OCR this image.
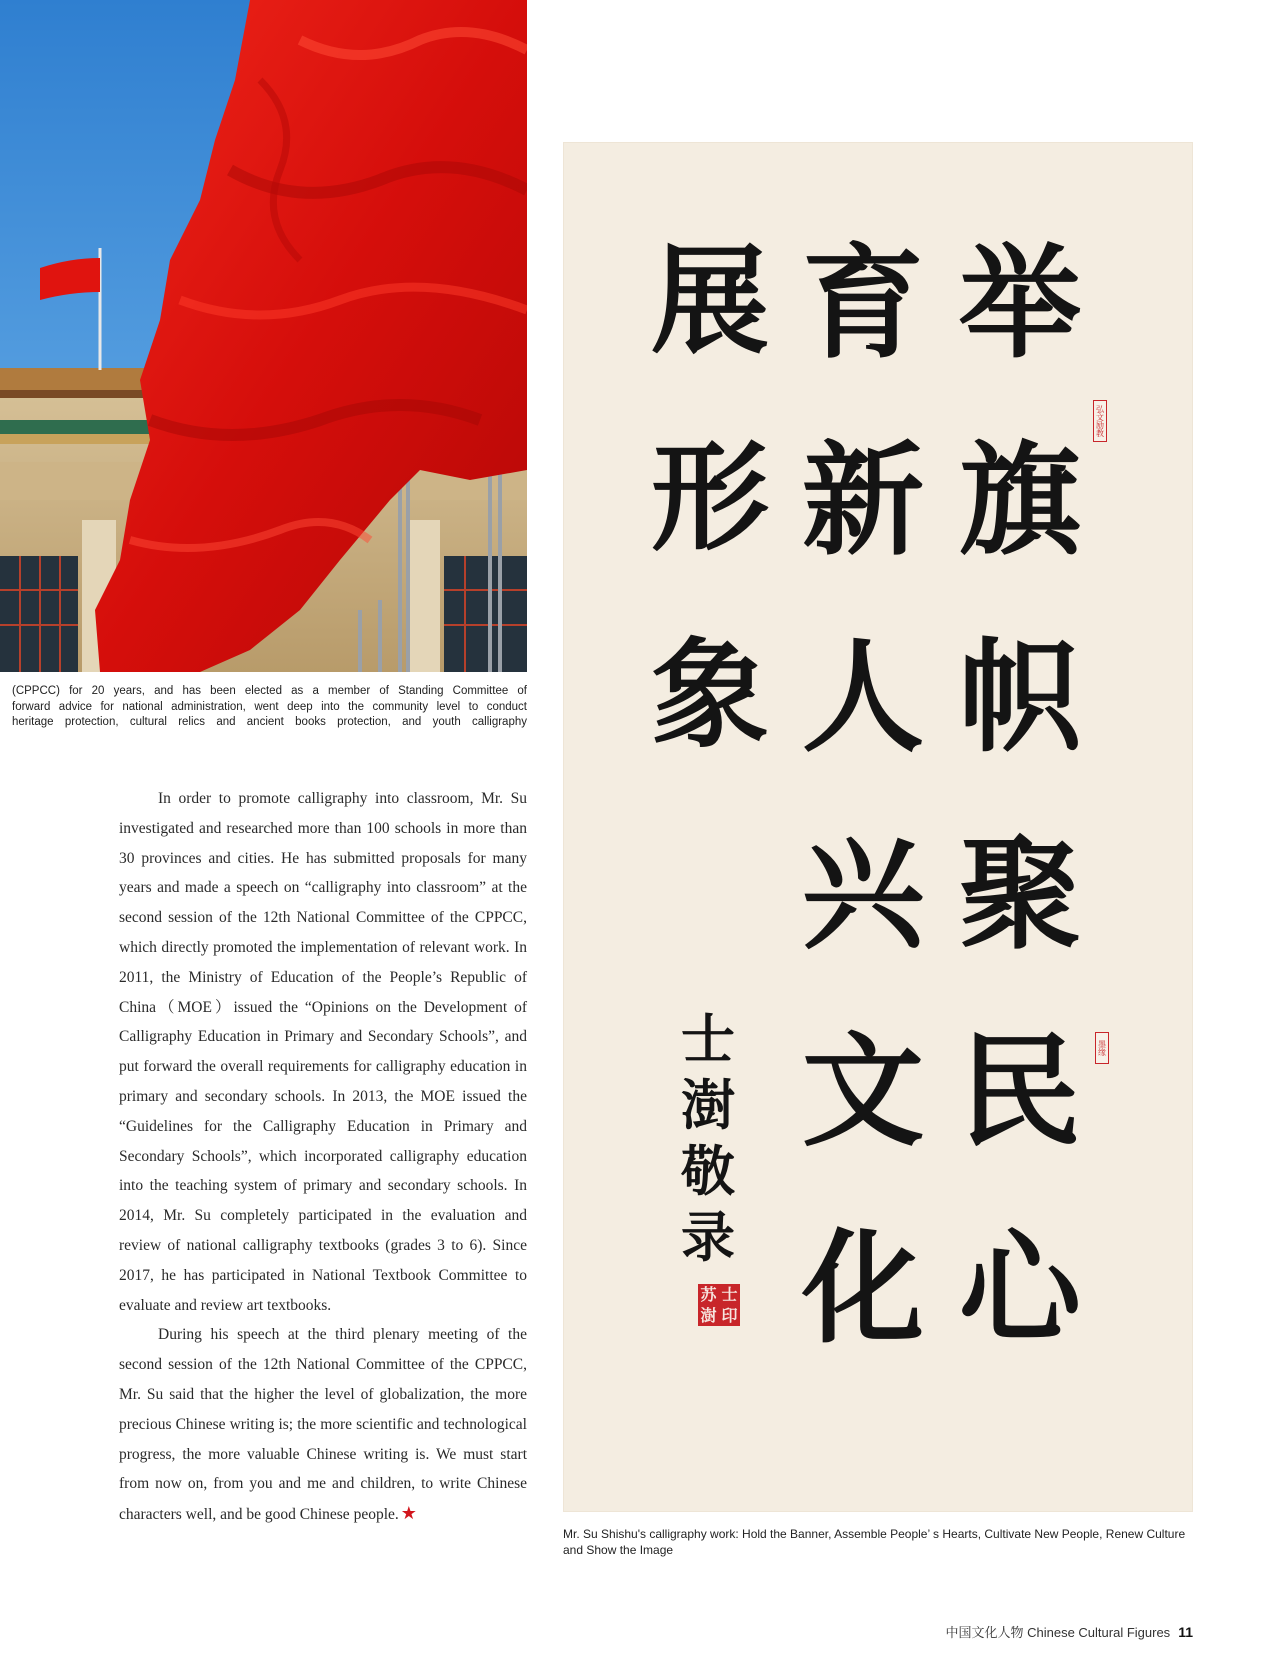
(CPPCC) for 20 years, and has been elected as a member of Standing Committee of
forward advice for national administration, went deep into the community level to conduct
heritage protection, cultural relics and ancient books protection, and youth calligraphy

In order to promote calligraphy into classroom, Mr. Su investigated and researched more than 100 schools in more than 30 provinces and cities. He has submitted proposals for many years and made a speech on “calligraphy into classroom” at the second session of the 12th National Committee of the CPPCC, which directly promoted the implementation of relevant work. In 2011, the Ministry of Education of the People’s Republic of China（MOE）issued the “Opinions on the Development of Calligraphy Education in Primary and Secondary Schools”, and put forward the overall requirements for calligraphy education in primary and secondary schools. In 2013, the MOE issued the “Guidelines for the Calligraphy Education in Primary and Secondary Schools”, which incorporated calligraphy education into the teaching system of primary and secondary schools. In 2014, Mr. Su completely participated in the evaluation and review of national calligraphy textbooks (grades 3 to 6). Since 2017, he has participated in National Textbook Committee to evaluate and review art textbooks.

During his speech at the third plenary meeting of the second session of the 12th National Committee of the CPPCC, Mr. Su said that the higher the level of globalization, the more precious Chinese writing is; the more scientific and technological progress, the more valuable Chinese writing is. We must start from now on, from you and me and children, to write Chinese characters well, and be good Chinese people. ★

举
旗
帜
聚
民
心
育
新
人
兴
文
化
展
形
象
士
澍
敬
录
弘文励教
墨缘
苏 士
澍 印
Mr. Su Shishu's calligraphy work: Hold the Banner, Assemble People’ s Hearts, Cultivate New People, Renew Culture and Show the Image
中国文化人物 Chinese Cultural Figures 11
